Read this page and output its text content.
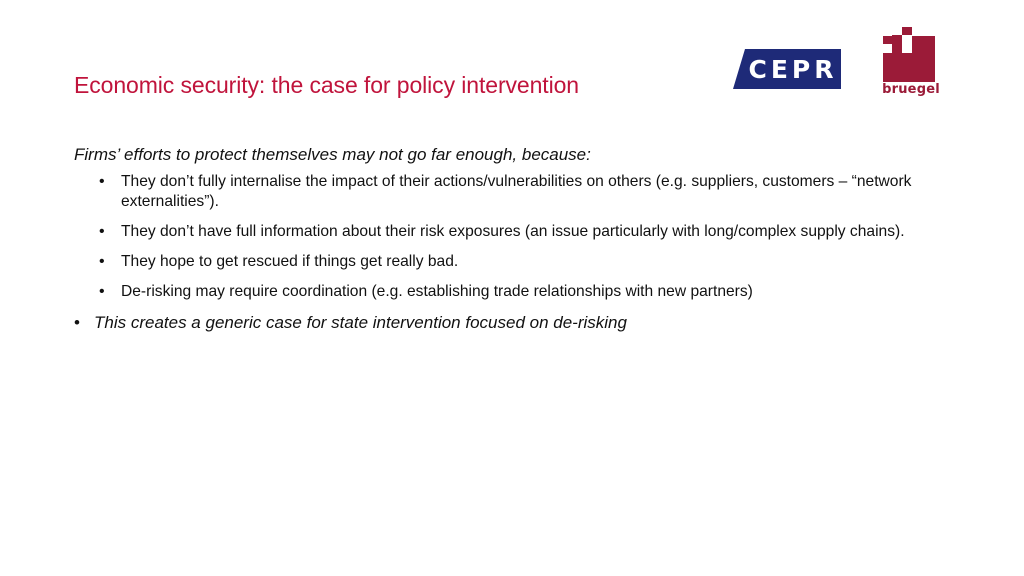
Economic security: the case for policy intervention
CEPR
bruegel

Firms’ efforts to protect themselves may not go far enough, because:

• They don’t fully internalise the impact of their actions/vulnerabilities on others (e.g. suppliers, customers – “network externalities”).
• They don’t have full information about their risk exposures (an issue particularly with long/complex supply chains).
• They hope to get rescued if things get really bad.
• De-risking may require coordination (e.g. establishing trade relationships with new partners)
• This creates a generic case for state intervention focused on de-risking
